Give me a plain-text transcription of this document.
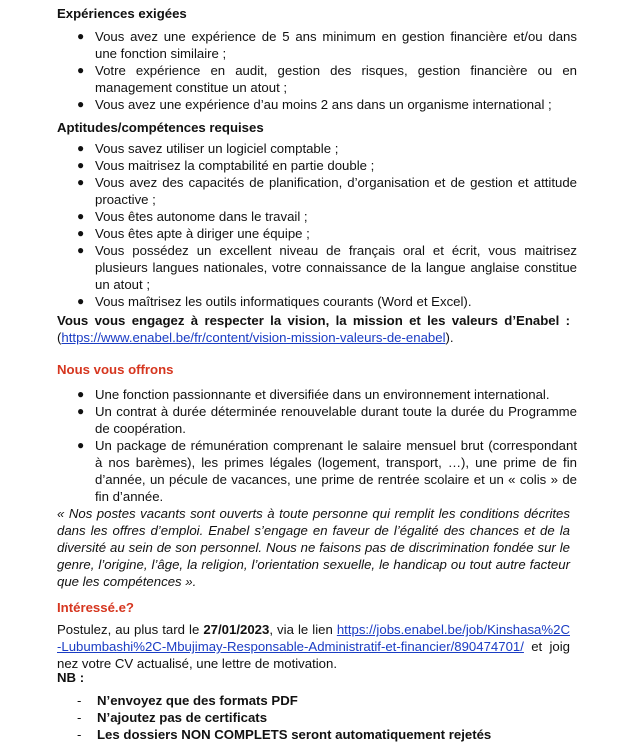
Expériences exigées

● Vous avez une expérience de 5 ans minimum en gestion financière et/ou dans une fonction similaire ;
● Votre expérience en audit, gestion des risques, gestion financière ou en management constitue un atout ;
● Vous avez une expérience d’au moins 2 ans dans un organisme international ;

Aptitudes/compétences requises

● Vous savez utiliser un logiciel comptable ;
● Vous maitrisez la comptabilité en partie double ;
● Vous avez des capacités de planification, d’organisation et de gestion et attitude proactive ;
● Vous êtes autonome dans le travail ;
● Vous êtes apte à diriger une équipe ;
● Vous possédez un excellent niveau de français oral et écrit, vous maitrisez plusieurs langues nationales, votre connaissance de la langue anglaise constitue un atout ;
● Vous maîtrisez les outils informatiques courants (Word et Excel).

Vous vous engagez à respecter la vision, la mission et les valeurs d’Enabel :(https://www.enabel.be/fr/content/vision-mission-valeurs-de-enabel).

Nous vous offrons

● Une fonction passionnante et diversifiée dans un environnement international.
● Un contrat à durée déterminée renouvelable durant toute la durée du Programme de coopération.
● Un package de rémunération comprenant le salaire mensuel brut (correspondant à nos barèmes), les primes légales (logement, transport, …), une prime de fin d’année, un pécule de vacances, une prime de rentrée scolaire et un « colis » de fin d’année.

« Nos postes vacants sont ouverts à toute personne qui remplit les conditions décrites dans les offres d’emploi. Enabel s’engage en faveur de l’égalité des chances et de la diversité au sein de son personnel. Nous ne faisons pas de discrimination fondée sur le genre, l’origine, l’âge, la religion, l’orientation sexuelle, le handicap ou tout autre facteur que les compétences ».

Intéressé.e?

Postulez, au plus tard le 27/01/2023, via le lien https://jobs.enabel.be/job/Kinshasa%2C-Lubumbashi%2C-Mbujimay-Responsable-Administratif-et-financier/890474701/ et joignez votre CV actualisé, une lettre de motivation.

NB :

- N’envoyez que des formats PDF
- N’ajoutez pas de certificats
- Les dossiers NON COMPLETS seront automatiquement rejetés
